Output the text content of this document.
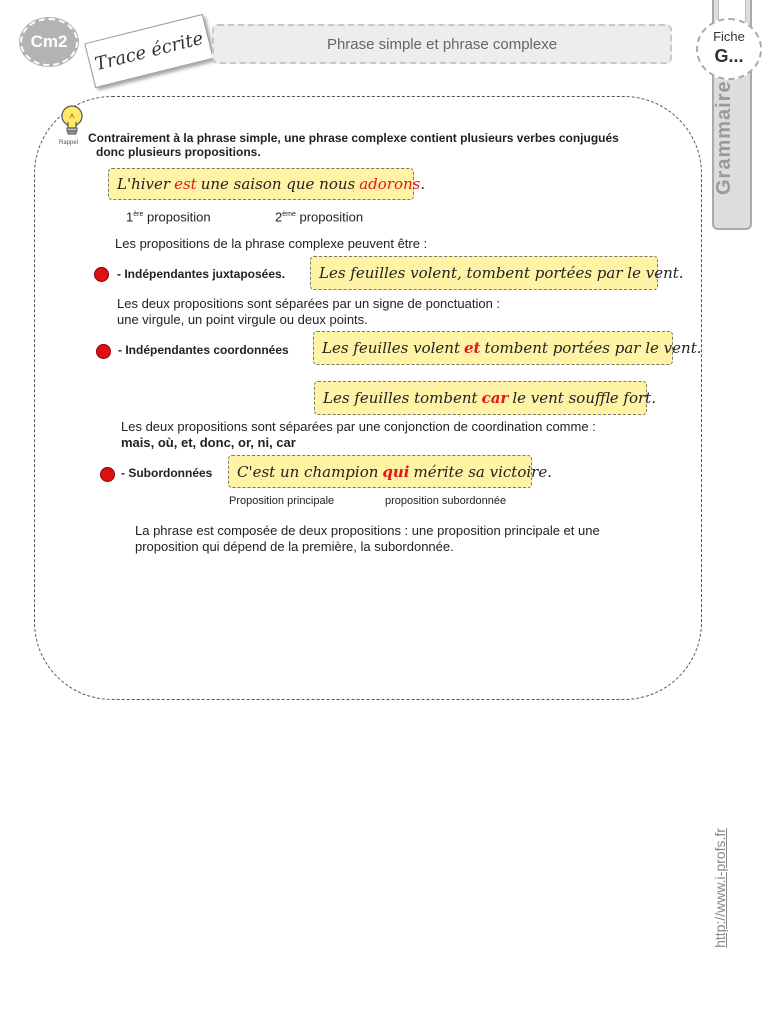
Cm2	Trace écrite	Phrase simple et phrase complexe	Fiche
G...
Grammaire
Rappel Contrairement à la phrase simple, une phrase complexe contient plusieurs verbes conjugués
donc plusieurs propositions.
L'hiver est une saison que nous adorons .
1ère proposition	2ème proposition
Les propositions de la phrase complexe peuvent être :
- Indépendantes juxtaposées. Les feuilles volent, tombent portées par le vent.
Les deux propositions sont séparées par un signe de ponctuation :
une virgule, un point virgule ou deux points.
- Indépendantes coordonnées Les feuilles volent et tombent portées par le vent.
Les feuilles tombent car le vent souffle fort.
Les deux propositions sont séparées par une conjonction de coordination comme :
mais, où, et, donc, or, ni, car
- Subordonnées C'est un champion qui mérite sa victoire.
Proposition principale	proposition subordonnée
La phrase est composée de deux propositions : une proposition principale et une
proposition qui dépend de la première, la subordonnée.
http://www.i-profs.fr
